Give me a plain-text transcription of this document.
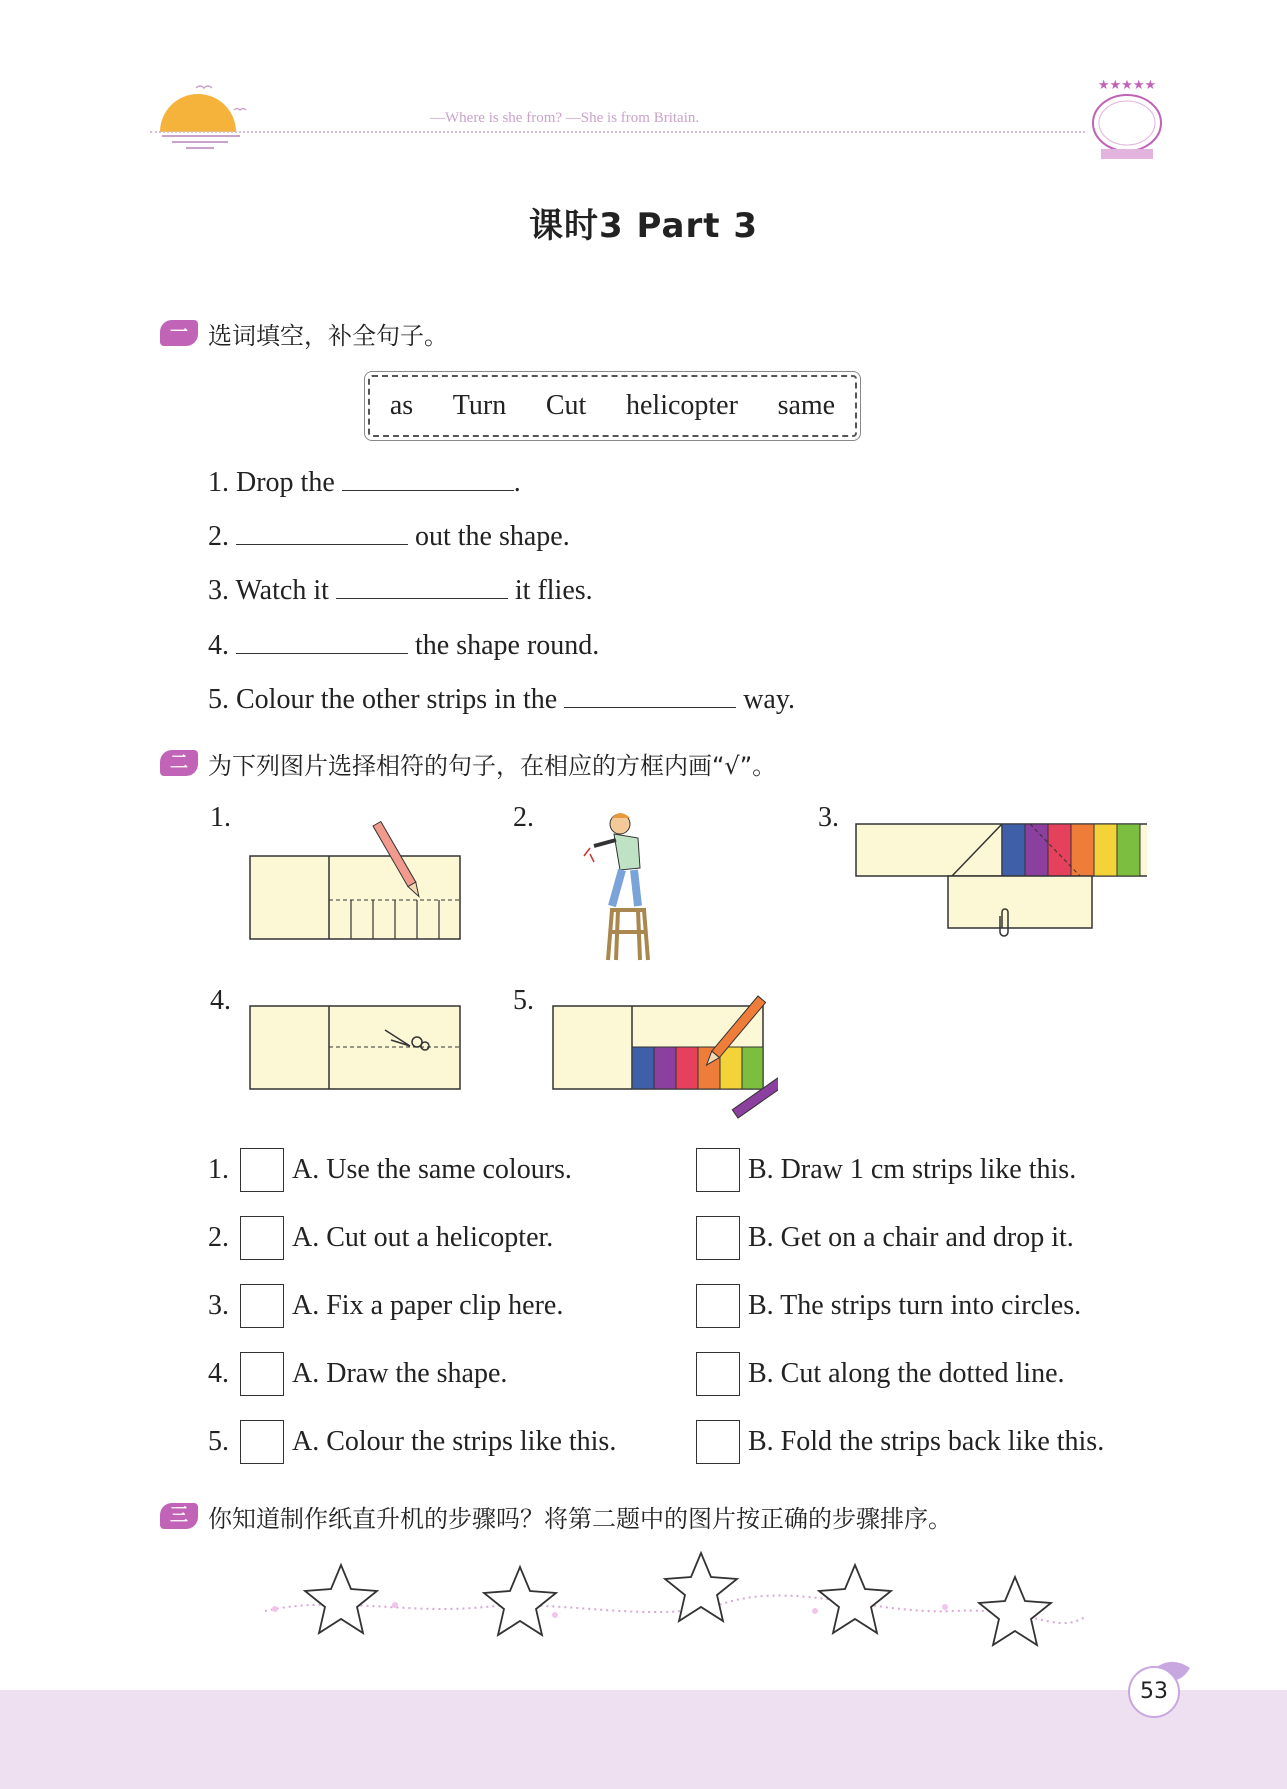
—Where is she from? —She is from Britain.
★★★★★
课时3 Part 3
一 选词填空，补全句子。
as Turn Cut helicopter same
1. Drop the	.
2.	out the shape.
3. Watch it	it flies.
4.	the shape round.
5. Colour the other strips in the	way.
二 为下列图片选择相符的句子，在相应的方框内画“√”。
1.	2.	3.
4.	5.
1. A. Use the same colours.	B. Draw 1 cm strips like this.
2. A. Cut out a helicopter.	B. Get on a chair and drop it.
3. A. Fix a paper clip here.	B. The strips turn into circles.
4. A. Draw the shape.	B. Cut along the dotted line.
5. A. Colour the strips like this.	B. Fold the strips back like this.
三 你知道制作纸直升机的步骤吗？将第二题中的图片按正确的步骤排序。
53
